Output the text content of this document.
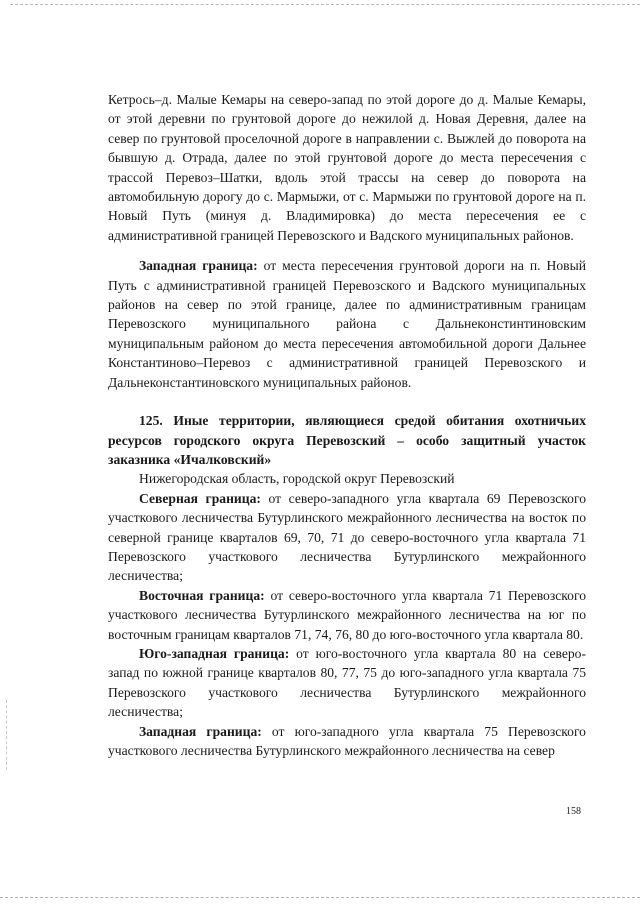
Кетрось–д. Малые Кемары на северо-запад по этой дороге до д. Малые Кемары, от этой деревни по грунтовой дороге до нежилой д. Новая Деревня, далее на север по грунтовой проселочной дороге в направлении с. Выжлей до поворота на бывшую д. Отрада, далее по этой грунтовой дороге до места пересечения с трассой Перевоз–Шатки, вдоль этой трассы на север до поворота на автомобильную дорогу до с. Мармыжи, от с. Мармыжи по грунтовой дороге на п. Новый Путь (минуя д. Владимировка) до места пересечения ее с административной границей Перевозского и Вадского муниципальных районов.

Западная граница: от места пересечения грунтовой дороги на п. Новый Путь с административной границей Перевозского и Вадского муниципальных районов на север по этой границе, далее по административным границам Перевозского муниципального района с Дальнеконстинтиновским муниципальным районом до места пересечения автомобильной дороги Дальнее Константиново–Перевоз с административной границей Перевозского и Дальнеконстантиновского муниципальных районов.

125. Иные территории, являющиеся средой обитания охотничьих ресурсов городского округа Перевозский – особо защитный участок заказника «Ичалковский»

Нижегородская область, городской округ Перевозский

Северная граница: от северо-западного угла квартала 69 Перевозского участкового лесничества Бутурлинского межрайонного лесничества на восток по северной границе кварталов 69, 70, 71 до северо-восточного угла квартала 71 Перевозского участкового лесничества Бутурлинского межрайонного лесничества;

Восточная граница: от северо-восточного угла квартала 71 Перевозского участкового лесничества Бутурлинского межрайонного лесничества на юг по восточным границам кварталов 71, 74, 76, 80 до юго-восточного угла квартала 80.

Юго-западная граница: от юго-восточного угла квартала 80 на северо-запад по южной границе кварталов 80, 77, 75 до юго-западного угла квартала 75 Перевозского участкового лесничества Бутурлинского межрайонного лесничества;

Западная граница: от юго-западного угла квартала 75 Перевозского участкового лесничества Бутурлинского межрайонного лесничества на север

158
